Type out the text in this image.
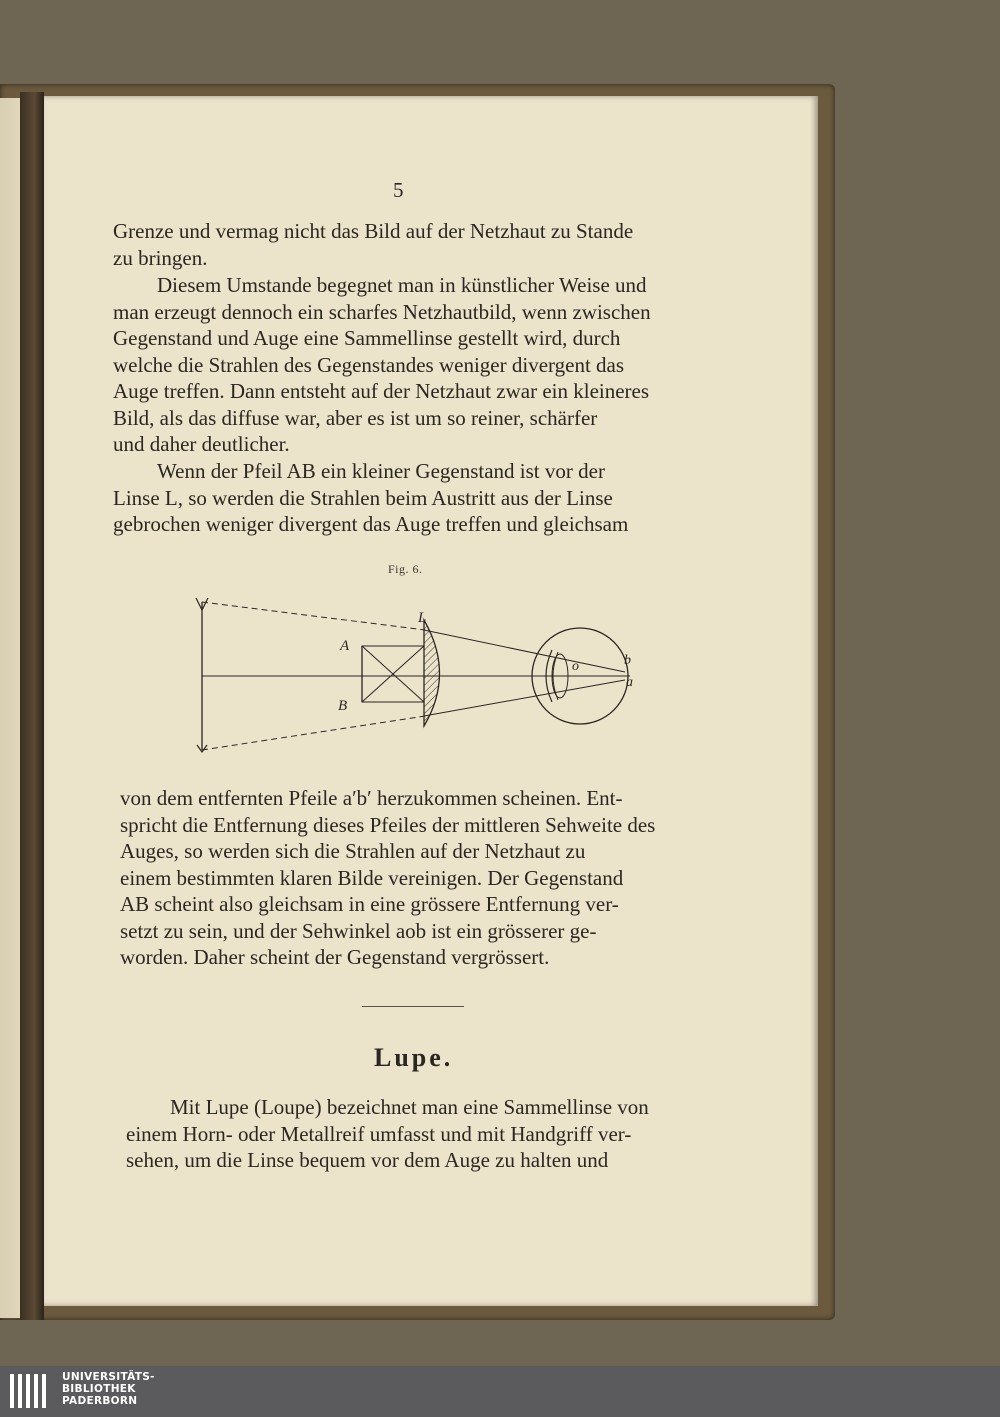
5

Grenze und vermag nicht das Bild auf der Netzhaut zu Stande
zu bringen.

Diesem Umstande begegnet man in künstlicher Weise und
man erzeugt dennoch ein scharfes Netzhautbild, wenn zwischen
Gegenstand und Auge eine Sammellinse gestellt wird, durch
welche die Strahlen des Gegenstandes weniger divergent das
Auge treffen. Dann entsteht auf der Netzhaut zwar ein kleineres
Bild, als das diffuse war, aber es ist um so reiner, schärfer
und daher deutlicher.

Wenn der Pfeil AB ein kleiner Gegenstand ist vor der
Linse L, so werden die Strahlen beim Austritt aus der Linse
gebrochen weniger divergent das Auge treffen und gleichsam

Fig. 6.
L
A
B
o	b
a

von dem entfernten Pfeile a′b′ herzukommen scheinen. Ent-
spricht die Entfernung dieses Pfeiles der mittleren Sehweite des
Auges, so werden sich die Strahlen auf der Netzhaut zu
einem bestimmten klaren Bilde vereinigen. Der Gegenstand
AB scheint also gleichsam in eine grössere Entfernung ver-
setzt zu sein, und der Sehwinkel aob ist ein grösserer ge-
worden. Daher scheint der Gegenstand vergrössert.

Lupe.

Mit Lupe (Loupe) bezeichnet man eine Sammellinse von
einem Horn- oder Metallreif umfasst und mit Handgriff ver-
sehen, um die Linse bequem vor dem Auge zu halten und

UNIVERSITÄTS-
BIBLIOTHEK
PADERBORN
